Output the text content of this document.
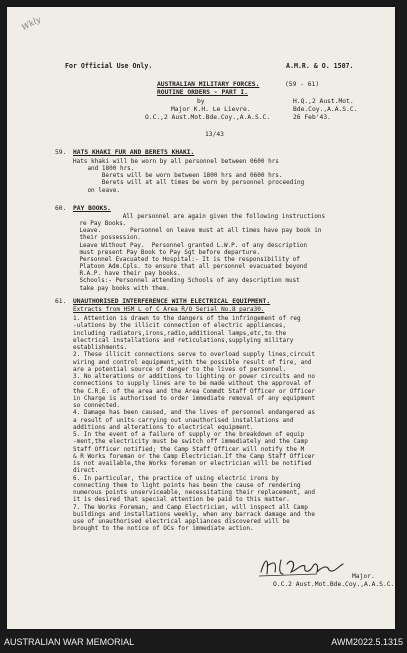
Wkly
For Official Use Only.	A.M.R. & O. 1507.
AUSTRALIAN MILITARY FORCES.	(59 - 61)
ROUTINE ORDERS - PART I.
by
Major K.H. Le Lievre.
O.C.,2 Aust.Mot.Bde.Coy.,A.A.S.C.
H.Q.,2 Aust.Mot.
Bde.Coy.,A.A.S.C.
26 Feb'43.
13/43
59. HATS KHAKI FUR AND BERETS KHAKI.
Hats khaki will be worn by all personnel between 0600 hrs
and 1800 hrs.
Berets will be worn between 1800 hrs and 0600 hrs.
Berets will at all times be worn by personnel proceeding
on leave.
60. PAY BOOKS.
All personnel are again given the following instructions
re Pay Books.
Leave.        Personnel on leave must at all times have pay book in
their possession.
Leave Without Pay.  Personnel granted L.W.P. of any description
must present Pay Book to Pay Sgt before departure.
Personnel Evacuated to Hospital:- It is the responsibility of
Platoon Adm.Cpls. to ensure that all personnel evacuated beyond
R.A.P. have their pay books.
Schools:- Personnel attending Schools of any description must
take pay books with them.
61. UNAUTHORISED INTERFERENCE WITH ELECTRICAL EQUIPMENT.
Extracts from HSM L of C Area R/O Serial No.8 para30.
1. Attention is drawn to the dangers of the infringement of reg
-ulations by the illicit connection of electric appliances,
including radiators,irons,radio,additional lamps,etc,to the
electrical installations and reticulations,supplying military
establishments.
2. These illicit connections serve to overload supply lines,circuit
wiring and control equipment,with the possible result of fire, and
are a potential source of danger to the lives of personnel.
3. No alterations or additions to lighting or power circuits and no
connections to supply lines are to be made without the approval of
the C.R.E. of the area and the Area Commdt Staff Officer or Officer
in Charge is authorised to order immediate removal of any equipment
so connected.
4. Damage has been caused, and the lives of personnel endangered as
a result of units carrying out unauthorised installations and
additions and alterations to electrical equipment.
5. In the event of a failure of supply or the breakdown of equip
-ment,the electricity must be switch off immediately and the Camp
Staff Officer notified; the Camp Staff Officer will notify the M
& R Works foreman or the Camp Electrician.If the Camp Staff Officer
is not available,the Works foreman or electrician will be notified
direct.
6. In particular, the practice of using electric irons by
connecting them to light points has been the cause of rendering
numerous points unserviceable, necessitating their replacement, and
it is desired that special attention be paid to this matter.
7. The Works Foreman, and Camp Electrician, will inspect all Camp
buildings and installations weekly, when any barrack damage and the
use of unauthorised electrical appliances discovered will be
brought to the notice of OCs for immediate action.
Major.
O.C.2 Aust.Mot.Bde.Coy.,A.A.S.C.
AUSTRALIAN WAR MEMORIAL	AWM2022.5.1315
